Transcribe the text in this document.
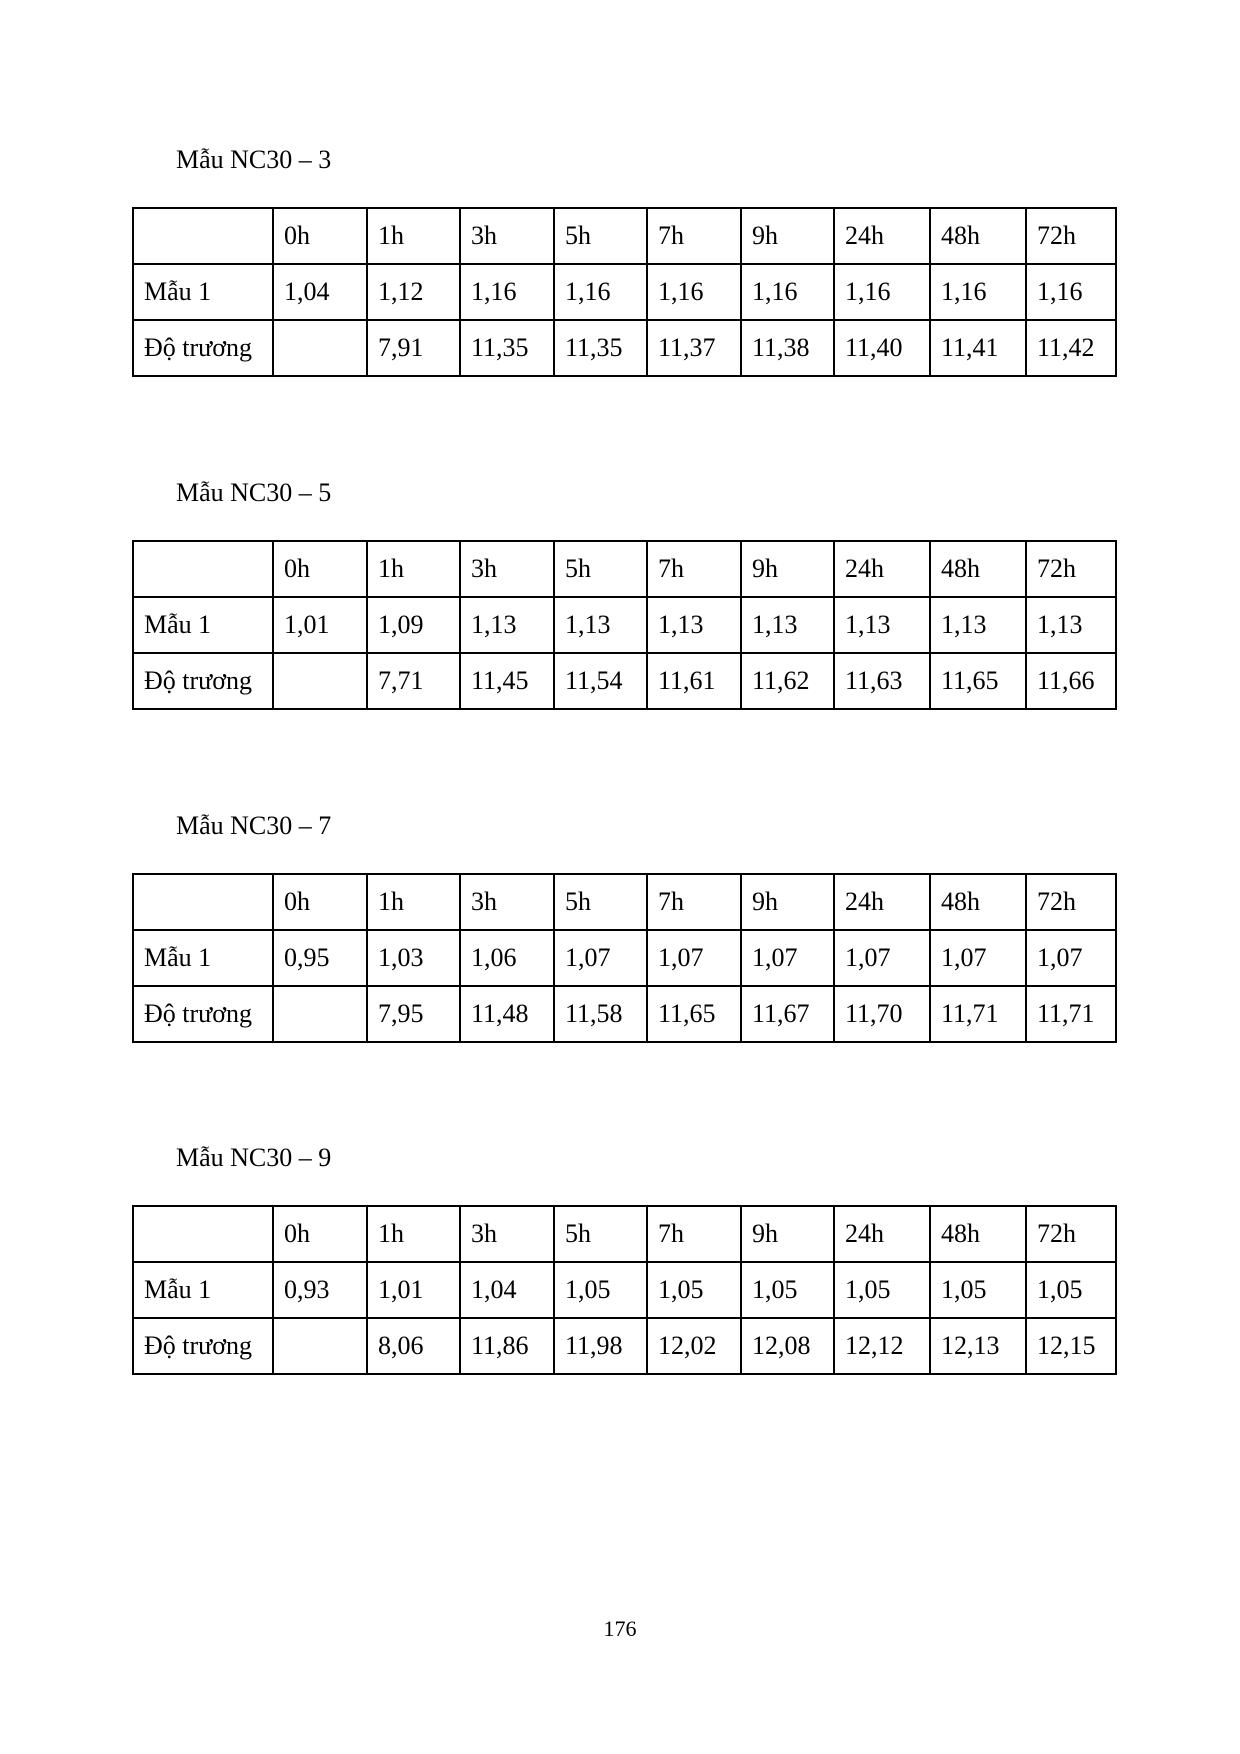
Mẫu NC30 – 3
	0h	1h	3h	5h	7h	9h	24h	48h	72h
Mẫu 1	1,04	1,12	1,16	1,16	1,16	1,16	1,16	1,16	1,16
Độ trương		7,91	11,35	11,35	11,37	11,38	11,40	11,41	11,42
Mẫu NC30 – 5
	0h	1h	3h	5h	7h	9h	24h	48h	72h
Mẫu 1	1,01	1,09	1,13	1,13	1,13	1,13	1,13	1,13	1,13
Độ trương		7,71	11,45	11,54	11,61	11,62	11,63	11,65	11,66
Mẫu NC30 – 7
	0h	1h	3h	5h	7h	9h	24h	48h	72h
Mẫu 1	0,95	1,03	1,06	1,07	1,07	1,07	1,07	1,07	1,07
Độ trương		7,95	11,48	11,58	11,65	11,67	11,70	11,71	11,71
Mẫu NC30 – 9
	0h	1h	3h	5h	7h	9h	24h	48h	72h
Mẫu 1	0,93	1,01	1,04	1,05	1,05	1,05	1,05	1,05	1,05
Độ trương		8,06	11,86	11,98	12,02	12,08	12,12	12,13	12,15
176
